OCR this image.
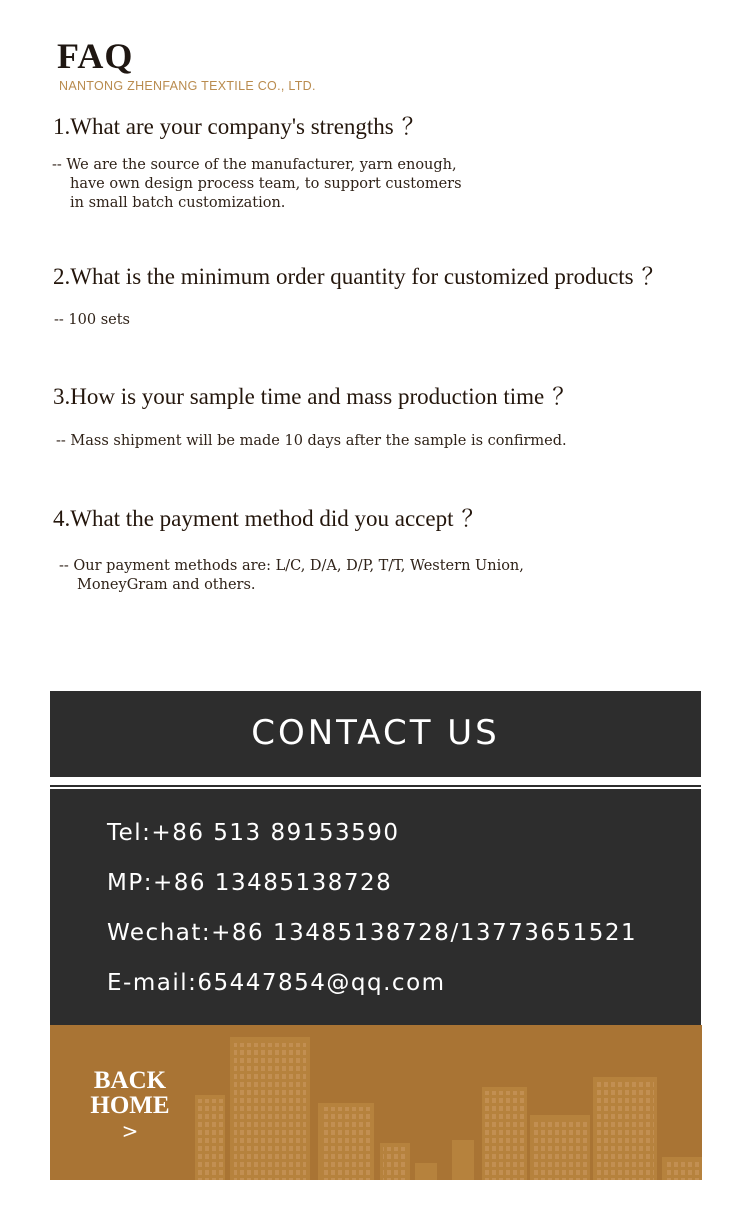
FAQ
NANTONG ZHENFANG TEXTILE CO., LTD.
1.What are your company's strengths ？
-- We are the source of the manufacturer, yarn enough,
have own design process team, to support customers
in small batch customization.
2.What is the minimum order quantity for customized products ？
-- 100 sets
3.How is your sample time and mass production time ？
-- Mass shipment will be made 10 days after the sample is confirmed.
4.What the payment method did you accept ？
-- Our payment methods are: L/C, D/A, D/P, T/T, Western Union,
MoneyGram and others.
CONTACT US
Tel:+86 513 89153590
MP:+86 13485138728
Wechat:+86 13485138728/13773651521
E-mail:65447854@qq.com
BACK
HOME
>
